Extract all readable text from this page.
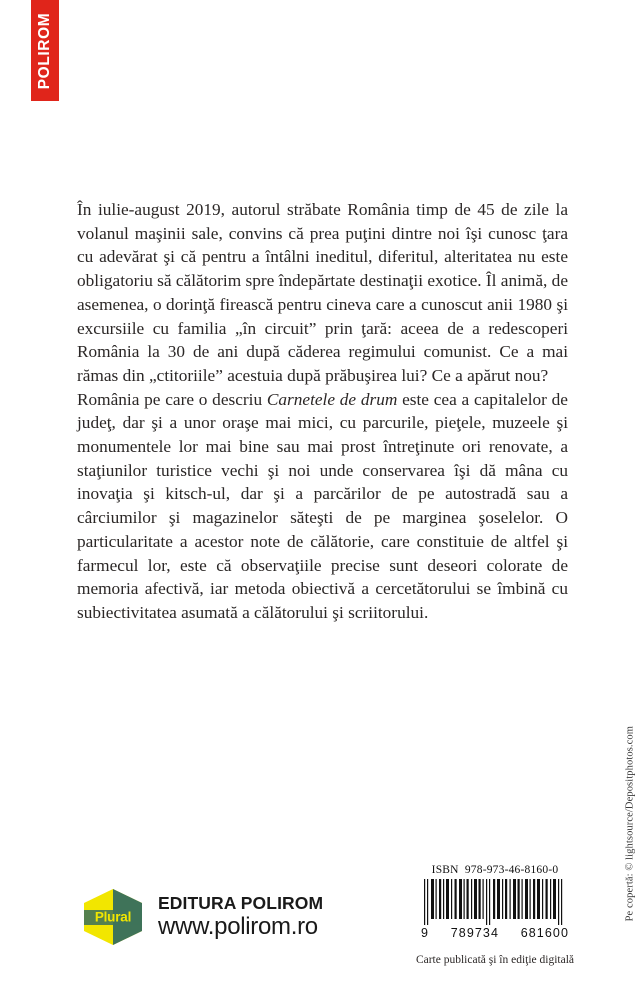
POLIROM

În iulie-august 2019, autorul străbate România timp de 45 de zile la volanul maşinii sale, convins că prea puţini dintre noi îşi cunosc ţara cu adevărat şi că pentru a întâlni ineditul, diferitul, alteritatea nu este obligatoriu să călătorim spre îndepărtate destinaţii exotice. Îl animă, de asemenea, o dorinţă firească pentru cineva care a cunoscut anii 1980 şi excursiile cu familia „în circuit” prin ţară: aceea de a redescoperi România la 30 de ani după căderea regimului comunist. Ce a mai rămas din „ctitoriile” acestuia după prăbuşirea lui? Ce a apărut nou?

România pe care o descriu Carnetele de drum este cea a capitalelor de judeţ, dar şi a unor oraşe mai mici, cu parcurile, pieţele, muzeele şi monumentele lor mai bine sau mai prost întreţinute ori renovate, a staţiunilor turistice vechi şi noi unde conservarea îşi dă mâna cu inovaţia şi kitsch-ul, dar şi a parcărilor de pe autostradă sau a cârciumilor şi magazinelor săteşti de pe marginea şoselelor. O particularitate a acestor note de călătorie, care constituie de altfel şi farmecul lor, este că observaţiile precise sunt deseori colorate de memoria afectivă, iar metoda obiectivă a cercetătorului se îmbină cu subiectivitatea asumată a călătorului şi scriitorului.

Plural
EDITURA POLIROM
www.polirom.ro
ISBN 978-973-46-8160-0
9 789734 681600
Carte publicată şi în ediţie digitală
Pe copertă: © lightsource/Depositphotos.com
